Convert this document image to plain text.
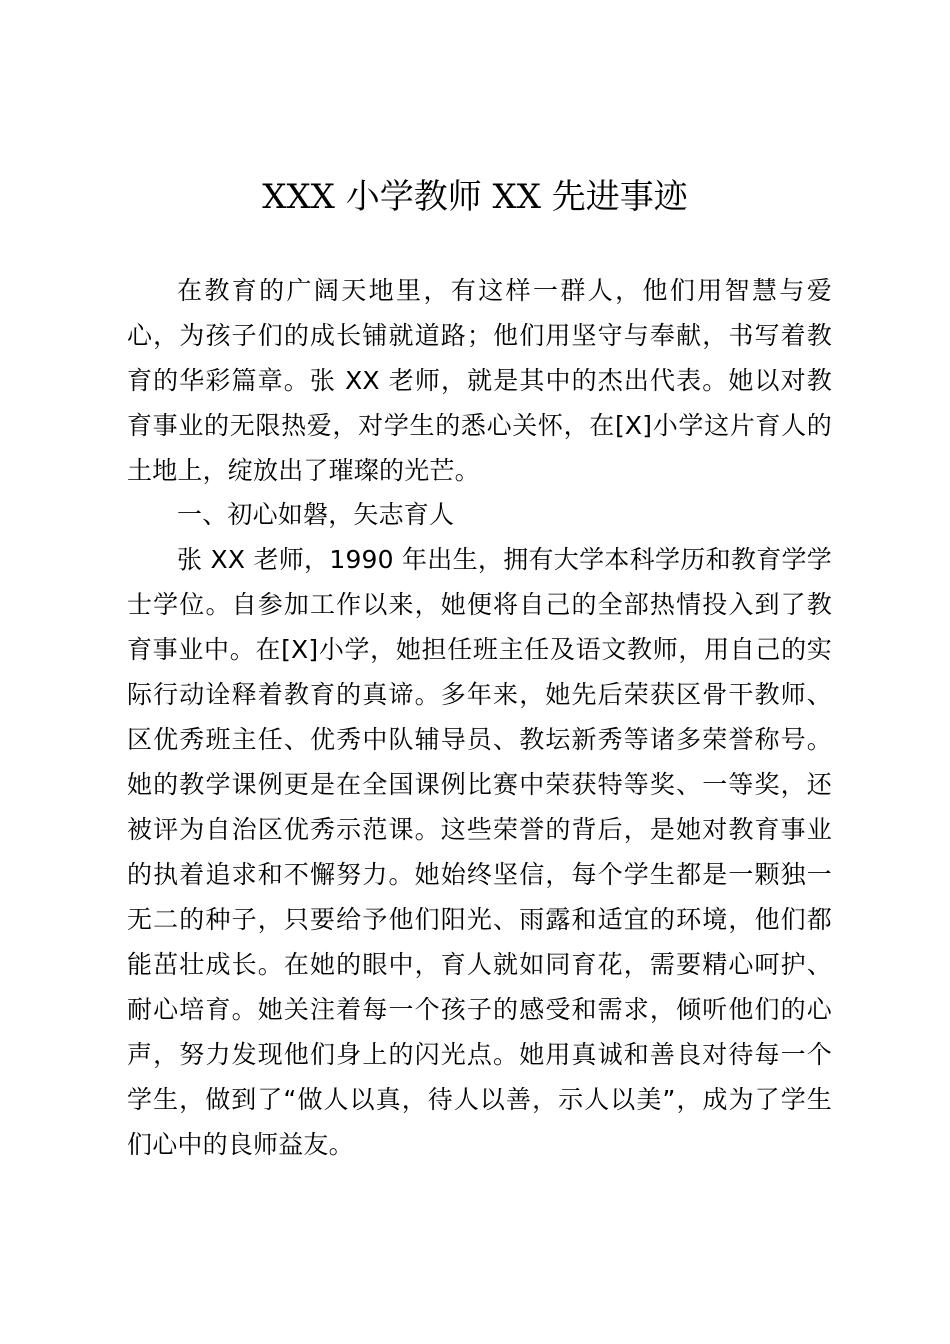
XXX 小学教师 XX 先进事迹

在教育的广阔天地里，有这样一群人，他们用智慧与爱心，为孩子们的成长铺就道路；他们用坚守与奉献，书写着教育的华彩篇章。张 XX 老师，就是其中的杰出代表。她以对教育事业的无限热爱，对学生的悉心关怀，在[X]小学这片育人的土地上，绽放出了璀璨的光芒。

一、初心如磐，矢志育人

张 XX 老师，1990 年出生，拥有大学本科学历和教育学学士学位。自参加工作以来，她便将自己的全部热情投入到了教育事业中。在[X]小学，她担任班主任及语文教师，用自己的实际行动诠释着教育的真谛。多年来，她先后荣获区骨干教师、区优秀班主任、优秀中队辅导员、教坛新秀等诸多荣誉称号。她的教学课例更是在全国课例比赛中荣获特等奖、一等奖，还被评为自治区优秀示范课。这些荣誉的背后，是她对教育事业的执着追求和不懈努力。她始终坚信，每个学生都是一颗独一无二的种子，只要给予他们阳光、雨露和适宜的环境，他们都能茁壮成长。在她的眼中，育人就如同育花，需要精心呵护、耐心培育。她关注着每一个孩子的感受和需求，倾听他们的心声，努力发现他们身上的闪光点。她用真诚和善良对待每一个学生，做到了“做人以真，待人以善，示人以美”，成为了学生们心中的良师益友。
